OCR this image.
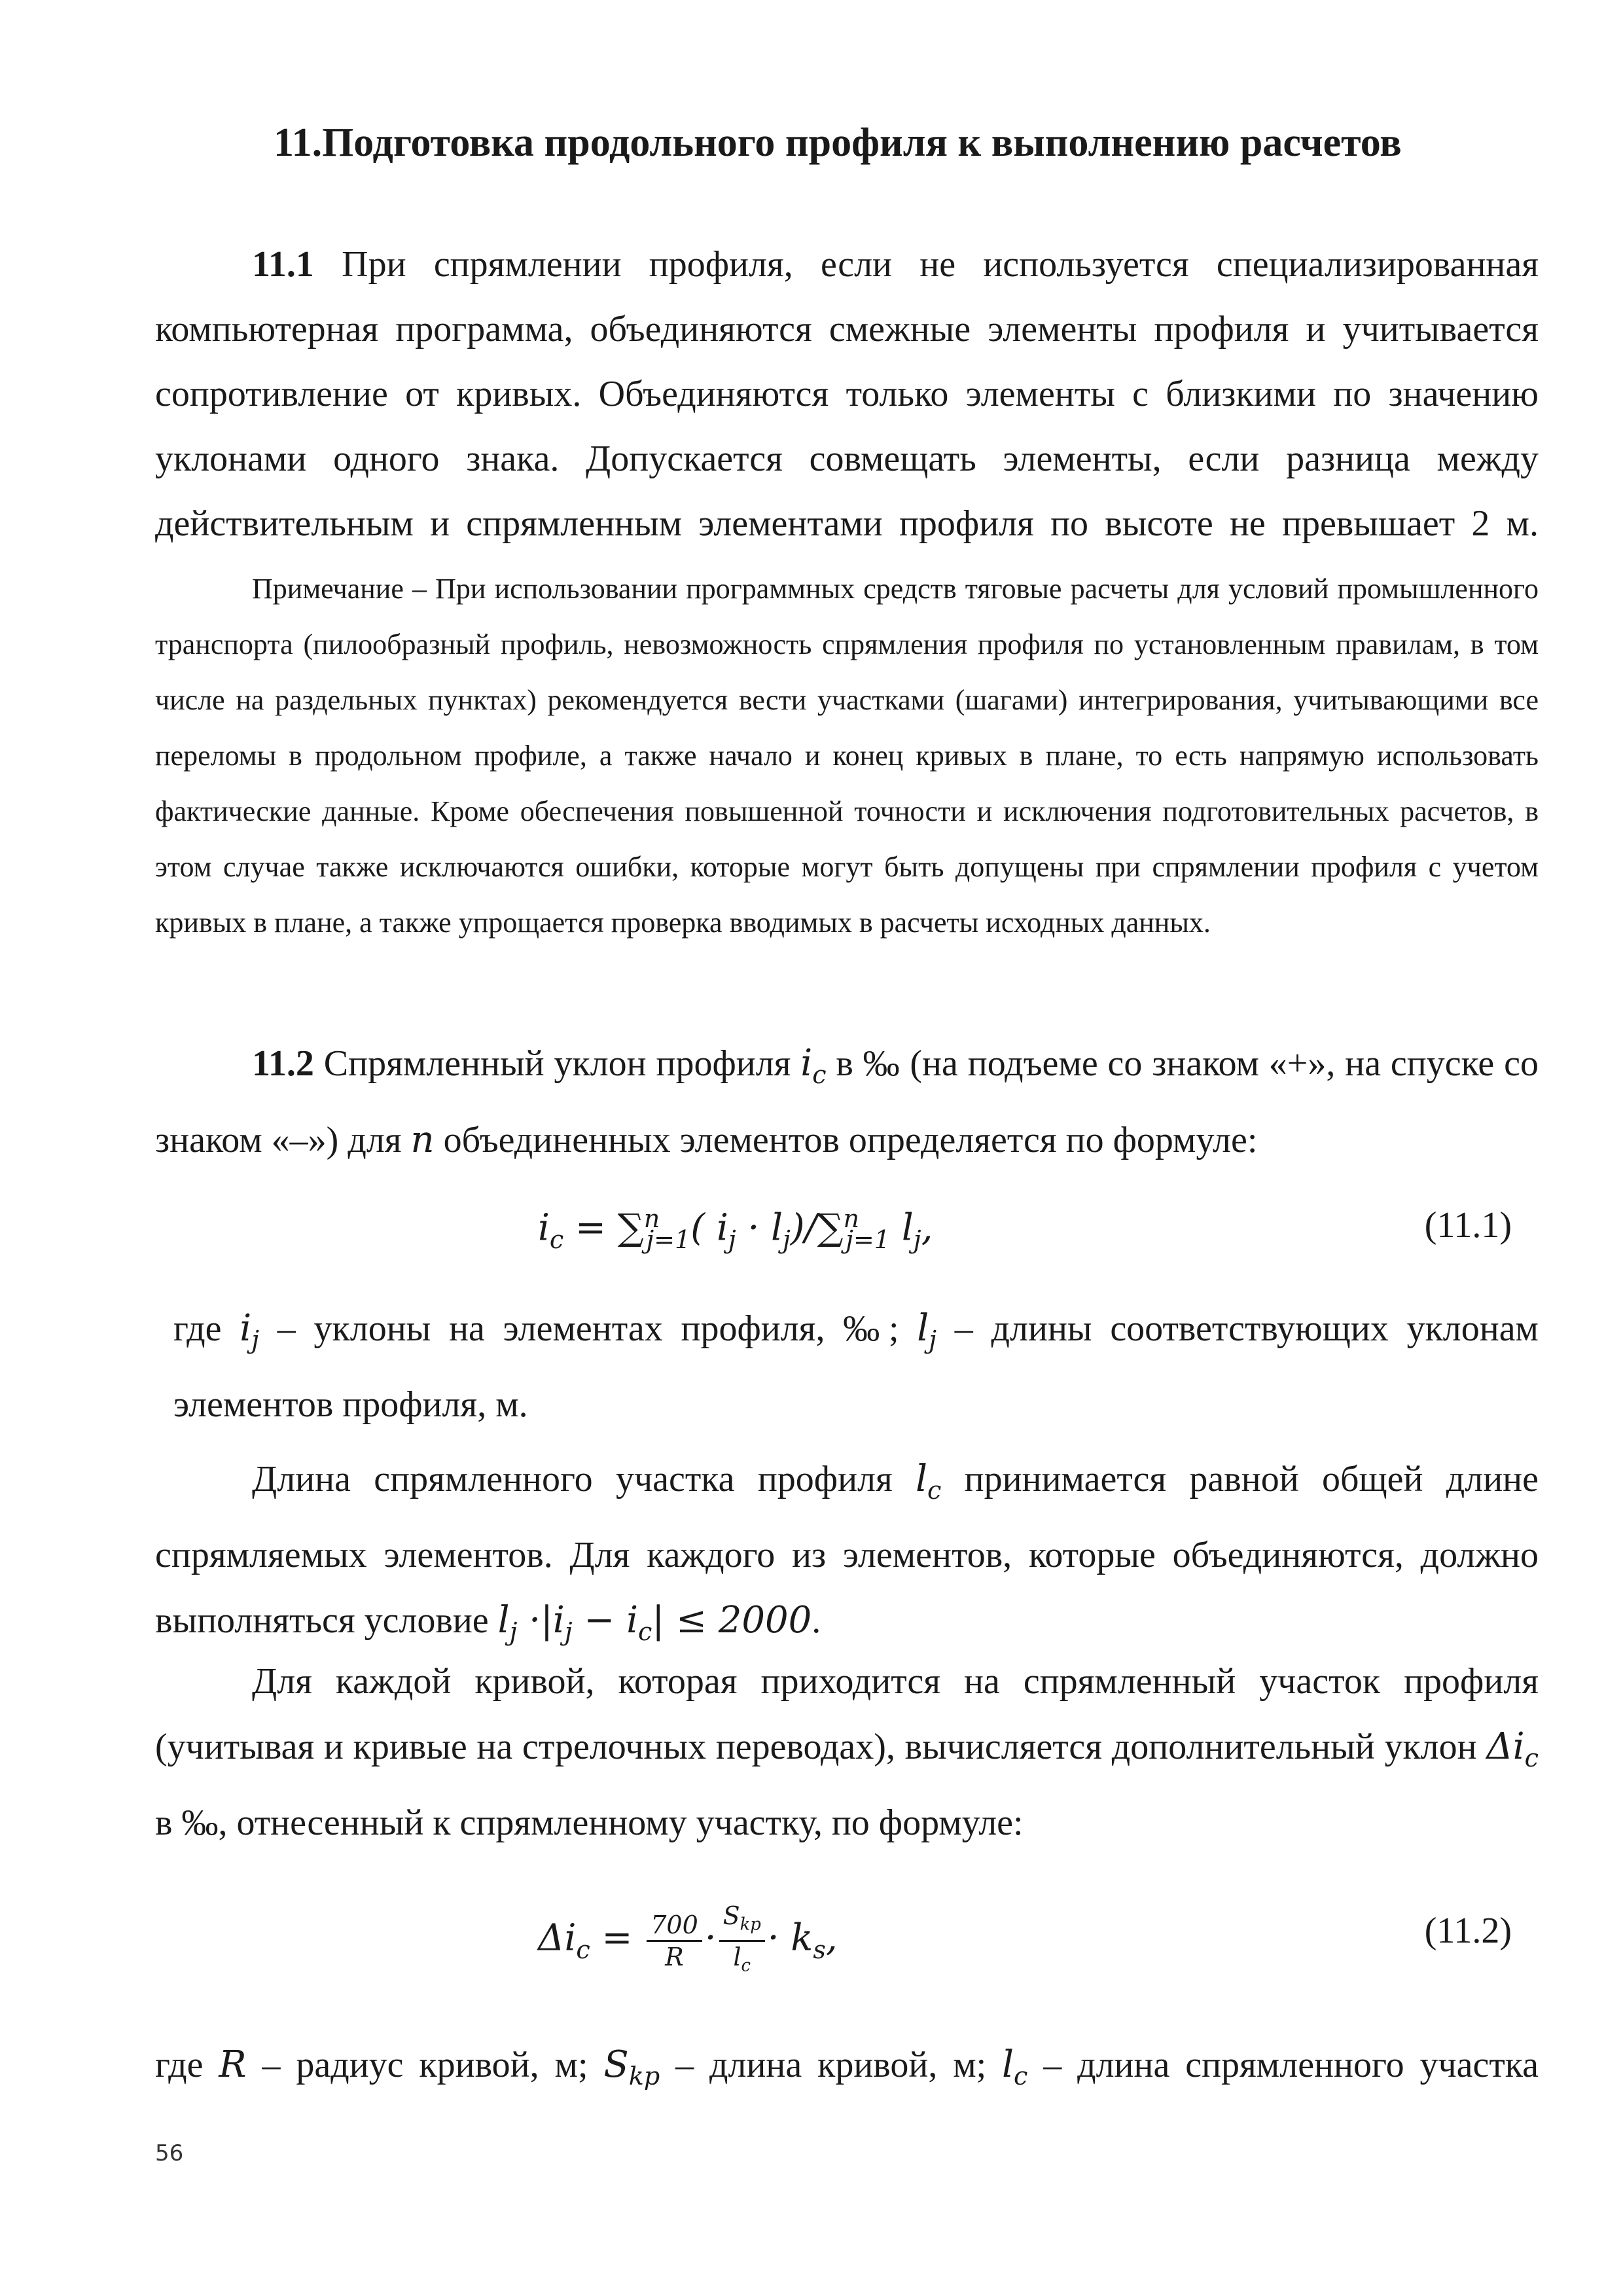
11.Подготовка продольного профиля к выполнению расчетов
11.1 При спрямлении профиля, если не используется специализированная компьютерная программа, объединяются смежные элементы профиля и учитывается сопротивление от кривых. Объединяются только элементы с близкими по значению уклонами одного знака. Допускается совмещать элементы, если разница между действительным и спрямленным элементами профиля по высоте не превышает 2 м.
Примечание – При использовании программных средств тяговые расчеты для условий промышленного транспорта (пилообразный профиль, невозможность спрямления профиля по установленным правилам, в том числе на раздельных пунктах) рекомендуется вести участками (шагами) интегрирования, учитывающими все переломы в продольном профиле, а также начало и конец кривых в плане, то есть напрямую использовать фактические данные. Кроме обеспечения повышенной точности и исключения подготовительных расчетов, в этом случае также исключаются ошибки, которые могут быть допущены при спрямлении профиля с учетом кривых в плане, а также упрощается проверка вводимых в расчеты исходных данных.
11.2 Спрямленный уклон профиля $i_c$ в ‰ (на подъеме со знаком «+», на спуске со знаком «–») для n объединенных элементов определяется по формуле:
$i_c = \sum^n_{j=1}$( $i_j \cdot l_j)/\sum^n_{j=1}$ $l_j$,	(11.1)
где $i_j$ – уклоны на элементах профиля, ‰; $l_j$ – длины соответствующих уклонам элементов профиля, м.
Длина спрямленного участка профиля $l_c$ принимается равной общей длине спрямляемых элементов. Для каждого из элементов, которые объединяются, должно выполняться условие $l_j \cdot|i_j - i_c| \le 2000$.
Для каждой кривой, которая приходится на спрямленный участок профиля (учитывая и кривые на стрелочных переводах), вычисляется дополнительный уклон $\Delta i_c$ в ‰, отнесенный к спрямленному участку, по формуле:
$\Delta i_c = \frac{700}{R} \cdot \frac{S_{kp}}{l_c} \cdot k_s$,	(11.2)
где R – радиус кривой, м; $S_{kp}$ – длина кривой, м; $l_c$ – длина спрямленного участка
56
